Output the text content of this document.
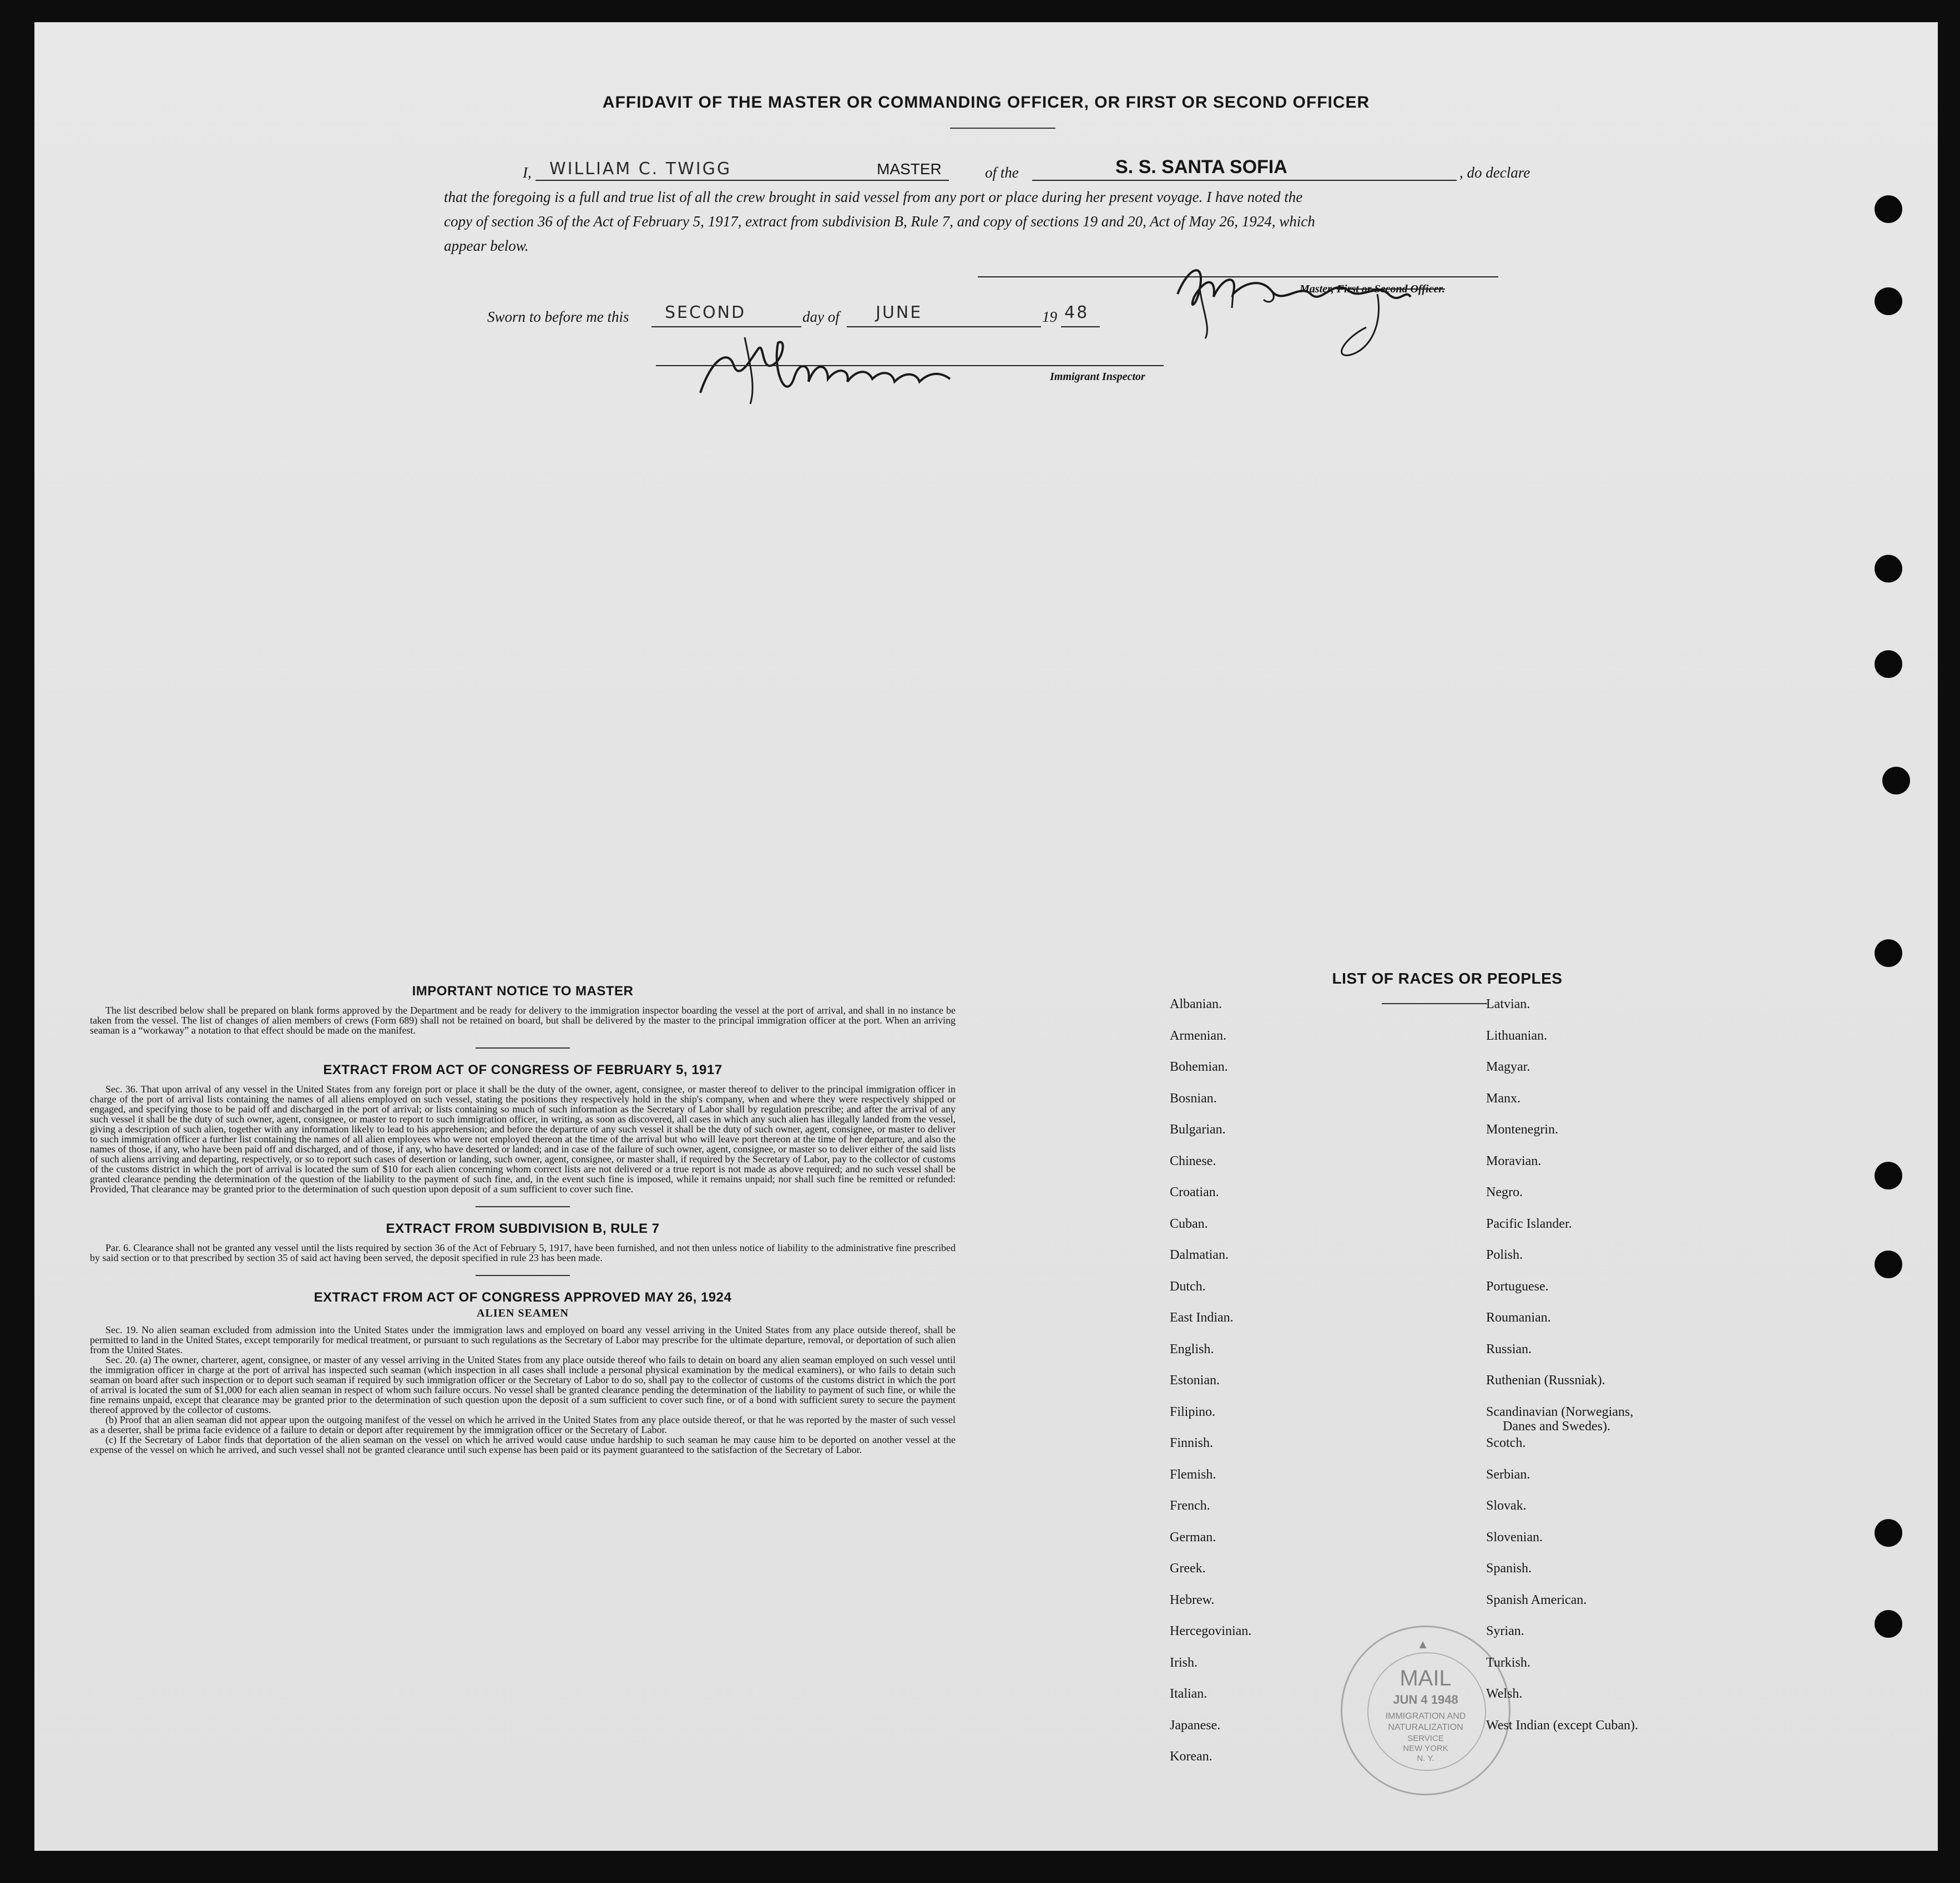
AFFIDAVIT OF THE MASTER OR COMMANDING OFFICER, OR FIRST OR SECOND OFFICER
I, WILLIAM C. TWIGG	MASTER	of the	S. S. SANTA SOFIA	, do declare
that the foregoing is a full and true list of all the crew brought in said vessel from any port or place during her present voyage. I have noted the
copy of section 36 of the Act of February 5, 1917, extract from subdivision B, Rule 7, and copy of sections 19 and 20, Act of May 26, 1924, which
appear below.
Master, First or Second Officer.
Sworn to before me this SECOND	day of JUNE	19 48
Immigrant Inspector
IMPORTANT NOTICE TO MASTER

The list described below shall be prepared on blank forms approved by the Department and be ready for delivery to the immigration inspector boarding the vessel at the port of arrival, and shall in no instance be taken from the vessel. The list of changes of alien members of crews (Form 689) shall not be retained on board, but shall be delivered by the master to the principal immigration officer at the port. When an arriving seaman is a “workaway” a notation to that effect should be made on the manifest.

EXTRACT FROM ACT OF CONGRESS OF FEBRUARY 5, 1917

Sec. 36. That upon arrival of any vessel in the United States from any foreign port or place it shall be the duty of the owner, agent, consignee, or master thereof to deliver to the principal immigration officer in charge of the port of arrival lists containing the names of all aliens employed on such vessel, stating the positions they respectively hold in the ship's company, when and where they were respectively shipped or engaged, and specifying those to be paid off and discharged in the port of arrival; or lists containing so much of such information as the Secretary of Labor shall by regulation prescribe; and after the arrival of any such vessel it shall be the duty of such owner, agent, consignee, or master to report to such immigration officer, in writing, as soon as discovered, all cases in which any such alien has illegally landed from the vessel, giving a description of such alien, together with any information likely to lead to his apprehension; and before the departure of any such vessel it shall be the duty of such owner, agent, consignee, or master to deliver to such immigration officer a further list containing the names of all alien employees who were not employed thereon at the time of the arrival but who will leave port thereon at the time of her departure, and also the names of those, if any, who have been paid off and discharged, and of those, if any, who have deserted or landed; and in case of the failure of such owner, agent, consignee, or master so to deliver either of the said lists of such aliens arriving and departing, respectively, or so to report such cases of desertion or landing, such owner, agent, consignee, or master shall, if required by the Secretary of Labor, pay to the collector of customs of the customs district in which the port of arrival is located the sum of $10 for each alien concerning whom correct lists are not delivered or a true report is not made as above required; and no such vessel shall be granted clearance pending the determination of the question of the liability to the payment of such fine, and, in the event such fine is imposed, while it remains unpaid; nor shall such fine be remitted or refunded: Provided, That clearance may be granted prior to the determination of such question upon deposit of a sum sufficient to cover such fine.

EXTRACT FROM SUBDIVISION B, RULE 7

Par. 6. Clearance shall not be granted any vessel until the lists required by section 36 of the Act of February 5, 1917, have been furnished, and not then unless notice of liability to the administrative fine prescribed by said section or to that prescribed by section 35 of said act having been served, the deposit specified in rule 23 has been made.

EXTRACT FROM ACT OF CONGRESS APPROVED MAY 26, 1924
ALIEN SEAMEN

Sec. 19. No alien seaman excluded from admission into the United States under the immigration laws and employed on board any vessel arriving in the United States from any place outside thereof, shall be permitted to land in the United States, except temporarily for medical treatment, or pursuant to such regulations as the Secretary of Labor may prescribe for the ultimate departure, removal, or deportation of such alien from the United States.

Sec. 20. (a) The owner, charterer, agent, consignee, or master of any vessel arriving in the United States from any place outside thereof who fails to detain on board any alien seaman employed on such vessel until the immigration officer in charge at the port of arrival has inspected such seaman (which inspection in all cases shall include a personal physical examination by the medical examiners), or who fails to detain such seaman on board after such inspection or to deport such seaman if required by such immigration officer or the Secretary of Labor to do so, shall pay to the collector of customs of the customs district in which the port of arrival is located the sum of $1,000 for each alien seaman in respect of whom such failure occurs. No vessel shall be granted clearance pending the determination of the liability to payment of such fine, or while the fine remains unpaid, except that clearance may be granted prior to the determination of such question upon the deposit of a sum sufficient to cover such fine, or of a bond with sufficient surety to secure the payment thereof approved by the collector of customs.

(b) Proof that an alien seaman did not appear upon the outgoing manifest of the vessel on which he arrived in the United States from any place outside thereof, or that he was reported by the master of such vessel as a deserter, shall be prima facie evidence of a failure to detain or deport after requirement by the immigration officer or the Secretary of Labor.

(c) If the Secretary of Labor finds that deportation of the alien seaman on the vessel on which he arrived would cause undue hardship to such seaman he may cause him to be deported on another vessel at the expense of the vessel on which he arrived, and such vessel shall not be granted clearance until such expense has been paid or its payment guaranteed to the satisfaction of the Secretary of Labor.

LIST OF RACES OR PEOPLES
▲
MAIL
JUN 4 1948
IMMIGRATION AND
NATURALIZATION
SERVICE
NEW YORK
N. Y.
Albanian.
Armenian.
Bohemian.
Bosnian.
Bulgarian.
Chinese.
Croatian.
Cuban.
Dalmatian.
Dutch.
East Indian.
English.
Estonian.
Filipino.
Finnish.
Flemish.
French.
German.
Greek.
Hebrew.
Hercegovinian.
Irish.
Italian.
Japanese.
Korean.
Latvian.
Lithuanian.
Magyar.
Manx.
Montenegrin.
Moravian.
Negro.
Pacific Islander.
Polish.
Portuguese.
Roumanian.
Russian.
Ruthenian (Russniak).
Scandinavian (Norwegians,
Danes and Swedes).
Scotch.
Serbian.
Slovak.
Slovenian.
Spanish.
Spanish American.
Syrian.
Turkish.
Welsh.
West Indian (except Cuban).
